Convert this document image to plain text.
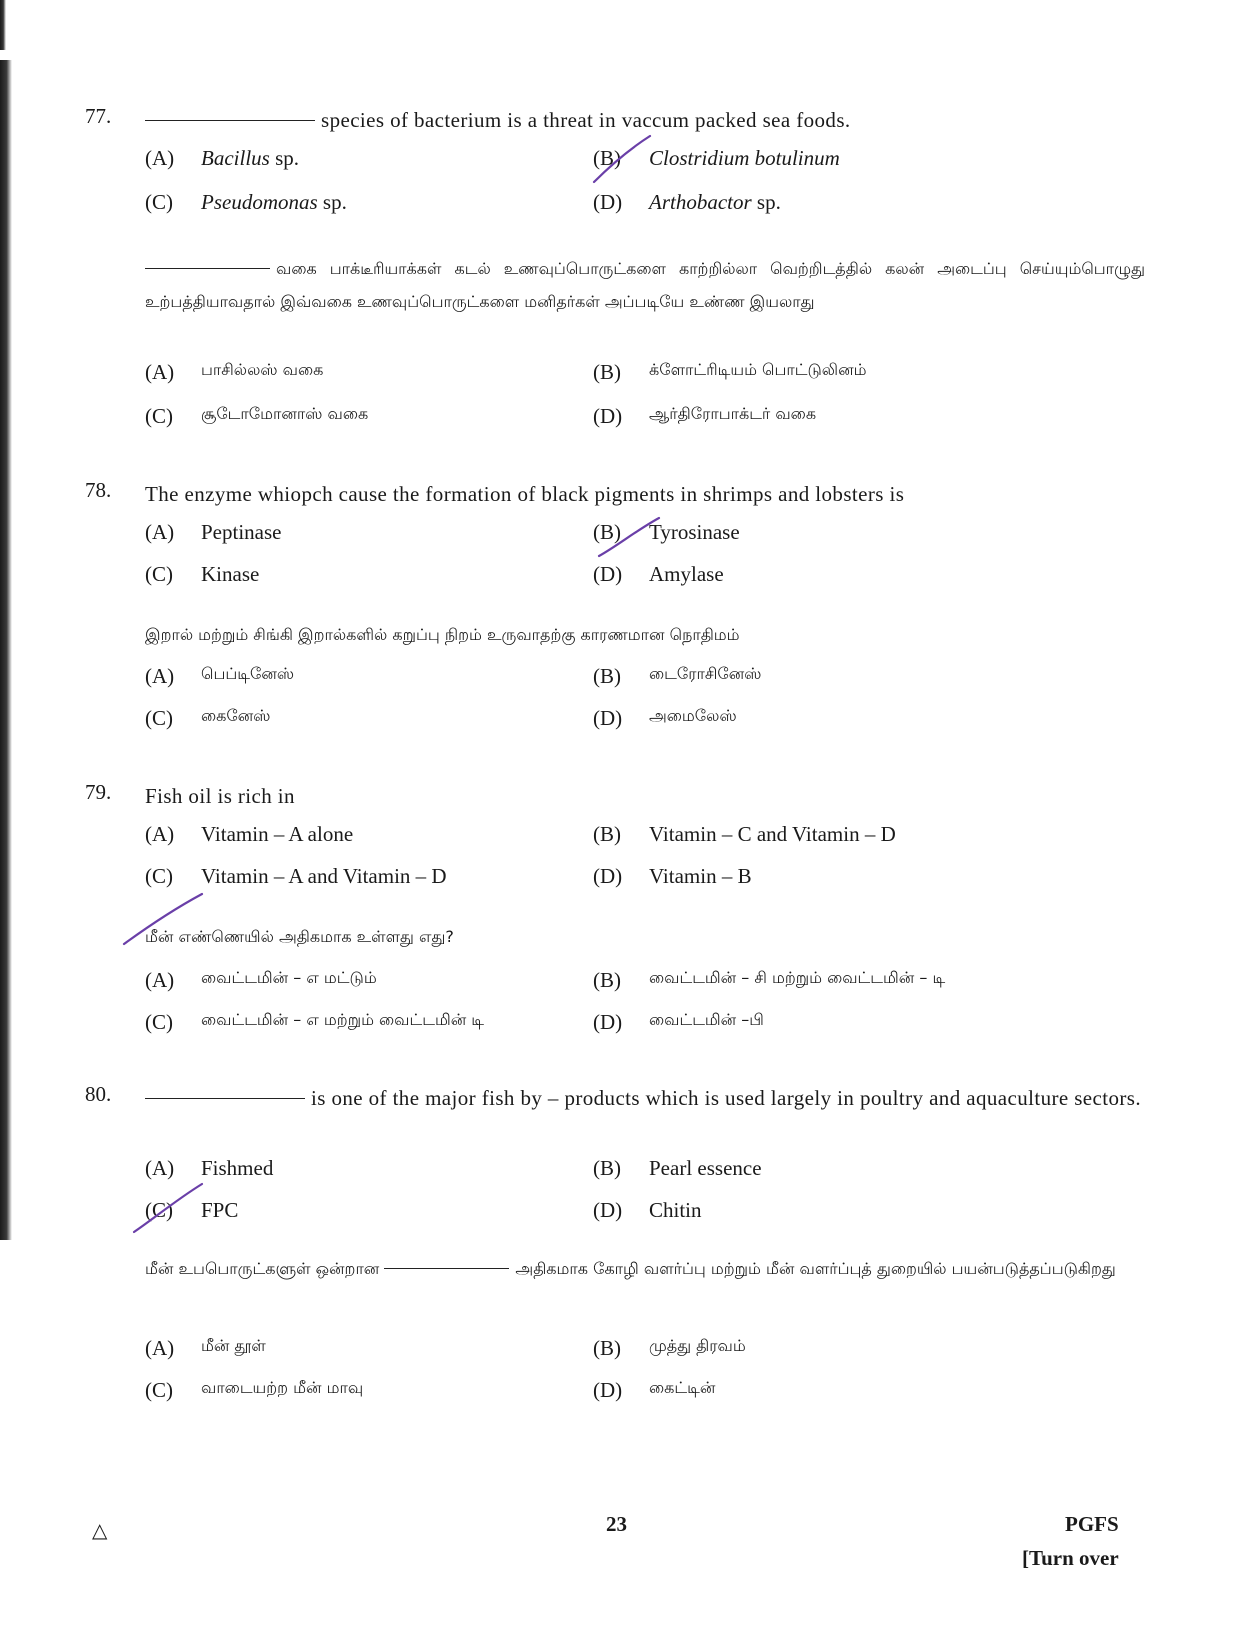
77.	species of bacterium is a threat in vaccum packed sea foods.
(A) Bacillus sp.	(B) Clostridium botulinum
(C) Pseudomonas sp.	(D) Arthobactor sp.
வகை பாக்டீரியாக்கள் கடல் உணவுப்பொருட்களை காற்றில்லா வெற்றிடத்தில் கலன் அடைப்பு செய்யும்பொழுது உற்பத்தியாவதால் இவ்வகை உணவுப்பொருட்களை மனிதர்கள் அப்படியே உண்ண இயலாது
(A) பாசில்லஸ் வகை	(B) க்ளோட்ரிடியம் பொட்டுலினம்
(C) சூடோமோனாஸ் வகை	(D) ஆர்திரோபாக்டர் வகை
78. The enzyme whiopch cause the formation of black pigments in shrimps and lobsters is
(A) Peptinase	(B) Tyrosinase
(C) Kinase	(D) Amylase
இறால் மற்றும் சிங்கி இறால்களில் கறுப்பு நிறம் உருவாதற்கு காரணமான நொதிமம்
(A) பெப்டினேஸ்	(B) டைரோசினேஸ்
(C) கைனேஸ்	(D) அமைலேஸ்
79. Fish oil is rich in
(A) Vitamin – A alone	(B) Vitamin – C and Vitamin – D
(C) Vitamin – A and Vitamin – D	(D) Vitamin – B
மீன் எண்ணெயில் அதிகமாக உள்ளது எது?
(A) வைட்டமின் – எ மட்டும்	(B) வைட்டமின் – சி மற்றும் வைட்டமின் – டி
(C) வைட்டமின் – எ மற்றும் வைட்டமின் டி	(D) வைட்டமின் –பி
80.	is one of the major fish by – products which is used largely in poultry and aquaculture sectors.
(A) Fishmed	(B) Pearl essence
(C) FPC	(D) Chitin
மீன் உபபொருட்களுள் ஒன்றான	அதிகமாக கோழி வளர்ப்பு மற்றும் மீன் வளர்ப்புத் துறையில் பயன்படுத்தப்படுகிறது
(A) மீன் தூள்	(B) முத்து திரவம்
(C) வாடையற்ற மீன் மாவு	(D) கைட்டின்
△	23	PGFS
[Turn over
